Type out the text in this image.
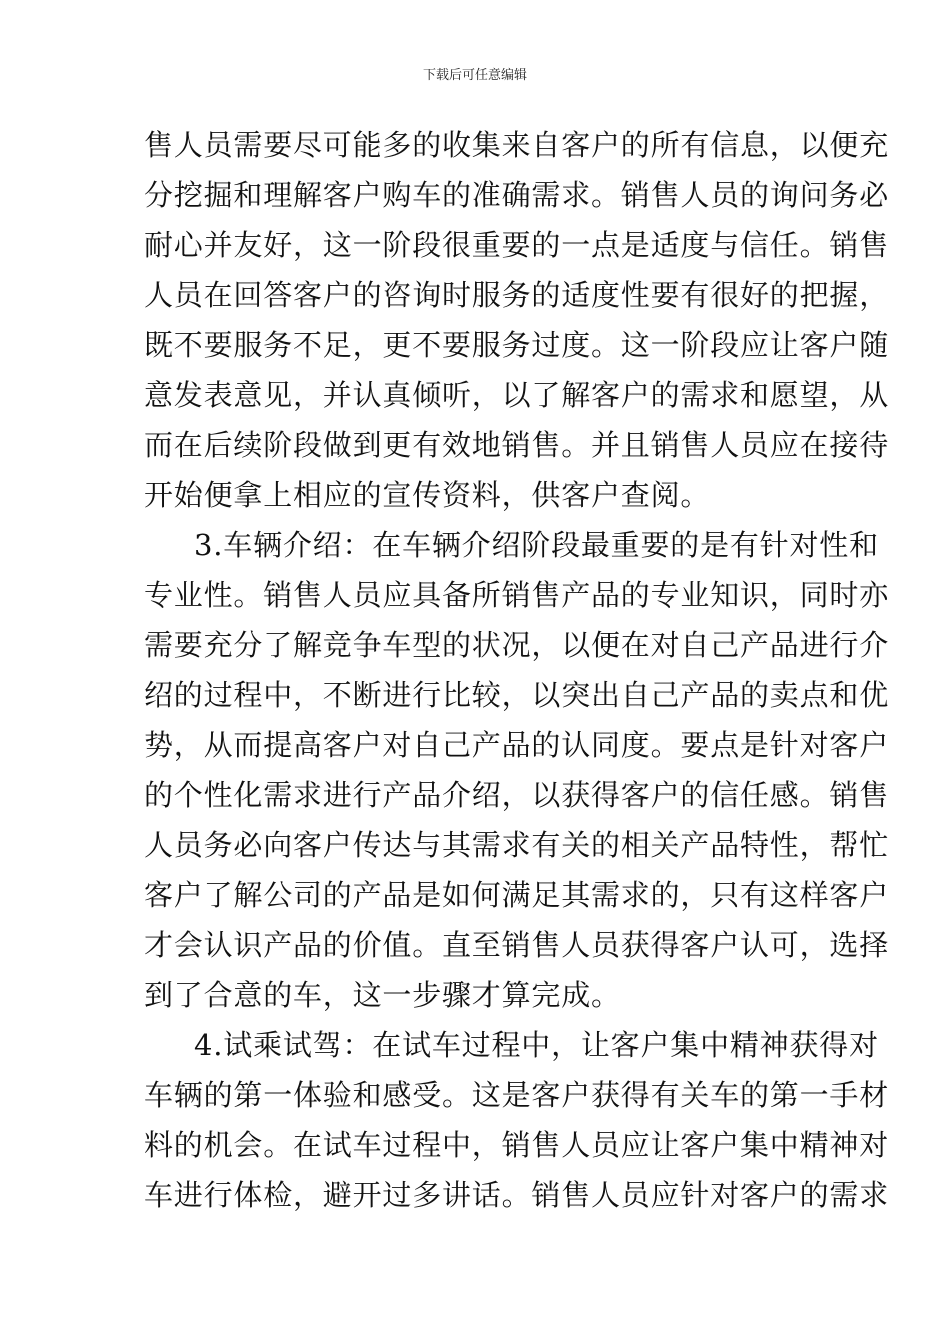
下载后可任意编辑
售人员需要尽可能多的收集来自客户的所有信息，以便充
分挖掘和理解客户购车的准确需求。销售人员的询问务必
耐心并友好，这一阶段很重要的一点是适度与信任。销售
人员在回答客户的咨询时服务的适度性要有很好的把握，
既不要服务不足，更不要服务过度。这一阶段应让客户随
意发表意见，并认真倾听，以了解客户的需求和愿望，从
而在后续阶段做到更有效地销售。并且销售人员应在接待
开始便拿上相应的宣传资料，供客户查阅。
3.车辆介绍：在车辆介绍阶段最重要的是有针对性和
专业性。销售人员应具备所销售产品的专业知识，同时亦
需要充分了解竞争车型的状况，以便在对自己产品进行介
绍的过程中，不断进行比较，以突出自己产品的卖点和优
势，从而提高客户对自己产品的认同度。要点是针对客户
的个性化需求进行产品介绍，以获得客户的信任感。销售
人员务必向客户传达与其需求有关的相关产品特性，帮忙
客户了解公司的产品是如何满足其需求的，只有这样客户
才会认识产品的价值。直至销售人员获得客户认可，选择
到了合意的车，这一步骤才算完成。
4.试乘试驾：在试车过程中，让客户集中精神获得对
车辆的第一体验和感受。这是客户获得有关车的第一手材
料的机会。在试车过程中，销售人员应让客户集中精神对
车进行体检，避开过多讲话。销售人员应针对客户的需求
